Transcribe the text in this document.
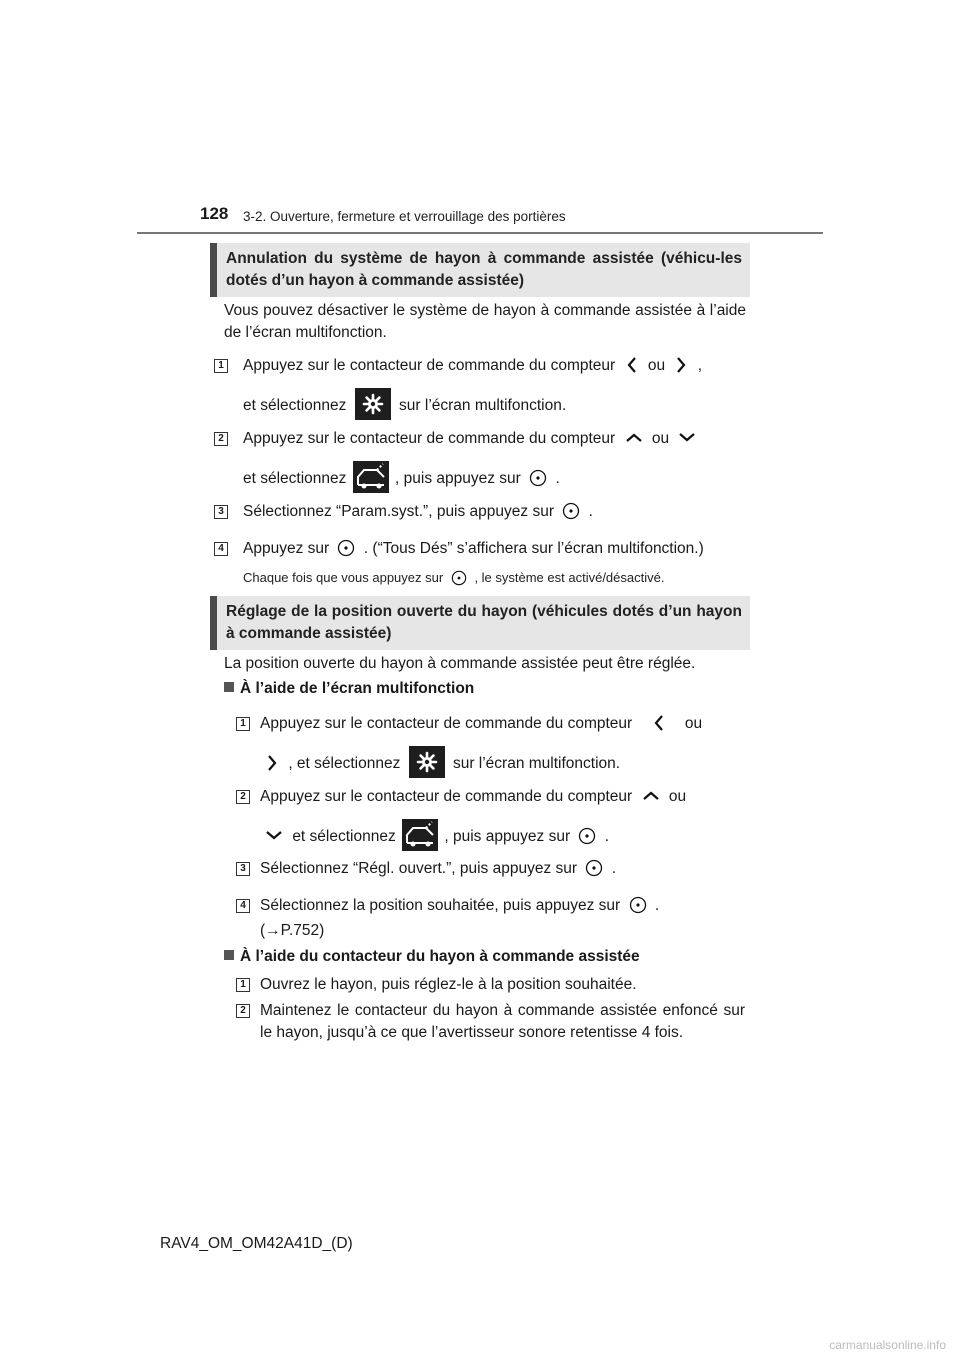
128 3-2. Ouverture, fermeture et verrouillage des portières
Annulation du système de hayon à commande assistée (véhicu-les dotés d’un hayon à commande assistée)
Vous pouvez désactiver le système de hayon à commande assistée à l’aide de l’écran multifonction.
1 Appuyez sur le contacteur de commande du compteur ou ,
et sélectionnez	sur l’écran multifonction.
2 Appuyez sur le contacteur de commande du compteur ou
et sélectionnez	, puis appuyez sur .
3 Sélectionnez “Param.syst.”, puis appuyez sur .
4 Appuyez sur . (“Tous Dés” s’affichera sur l’écran multifonction.)
Chaque fois que vous appuyez sur , le système est activé/désactivé.
Réglage de la position ouverte du hayon (véhicules dotés d’un hayon à commande assistée)
La position ouverte du hayon à commande assistée peut être réglée.
À l’aide de l’écran multifonction
1 Appuyez sur le contacteur de commande du compteur	ou
, et sélectionnez	sur l’écran multifonction.
2 Appuyez sur le contacteur de commande du compteur ou
et sélectionnez	, puis appuyez sur .
3 Sélectionnez “Régl. ouvert.”, puis appuyez sur .
4 Sélectionnez la position souhaitée, puis appuyez sur .
(→P.752)
À l’aide du contacteur du hayon à commande assistée
1 Ouvrez le hayon, puis réglez-le à la position souhaitée.
2 Maintenez le contacteur du hayon à commande assistée enfoncé sur le hayon, jusqu’à ce que l’avertisseur sonore retentisse 4 fois.
RAV4_OM_OM42A41D_(D)
carmanualsonline.info
